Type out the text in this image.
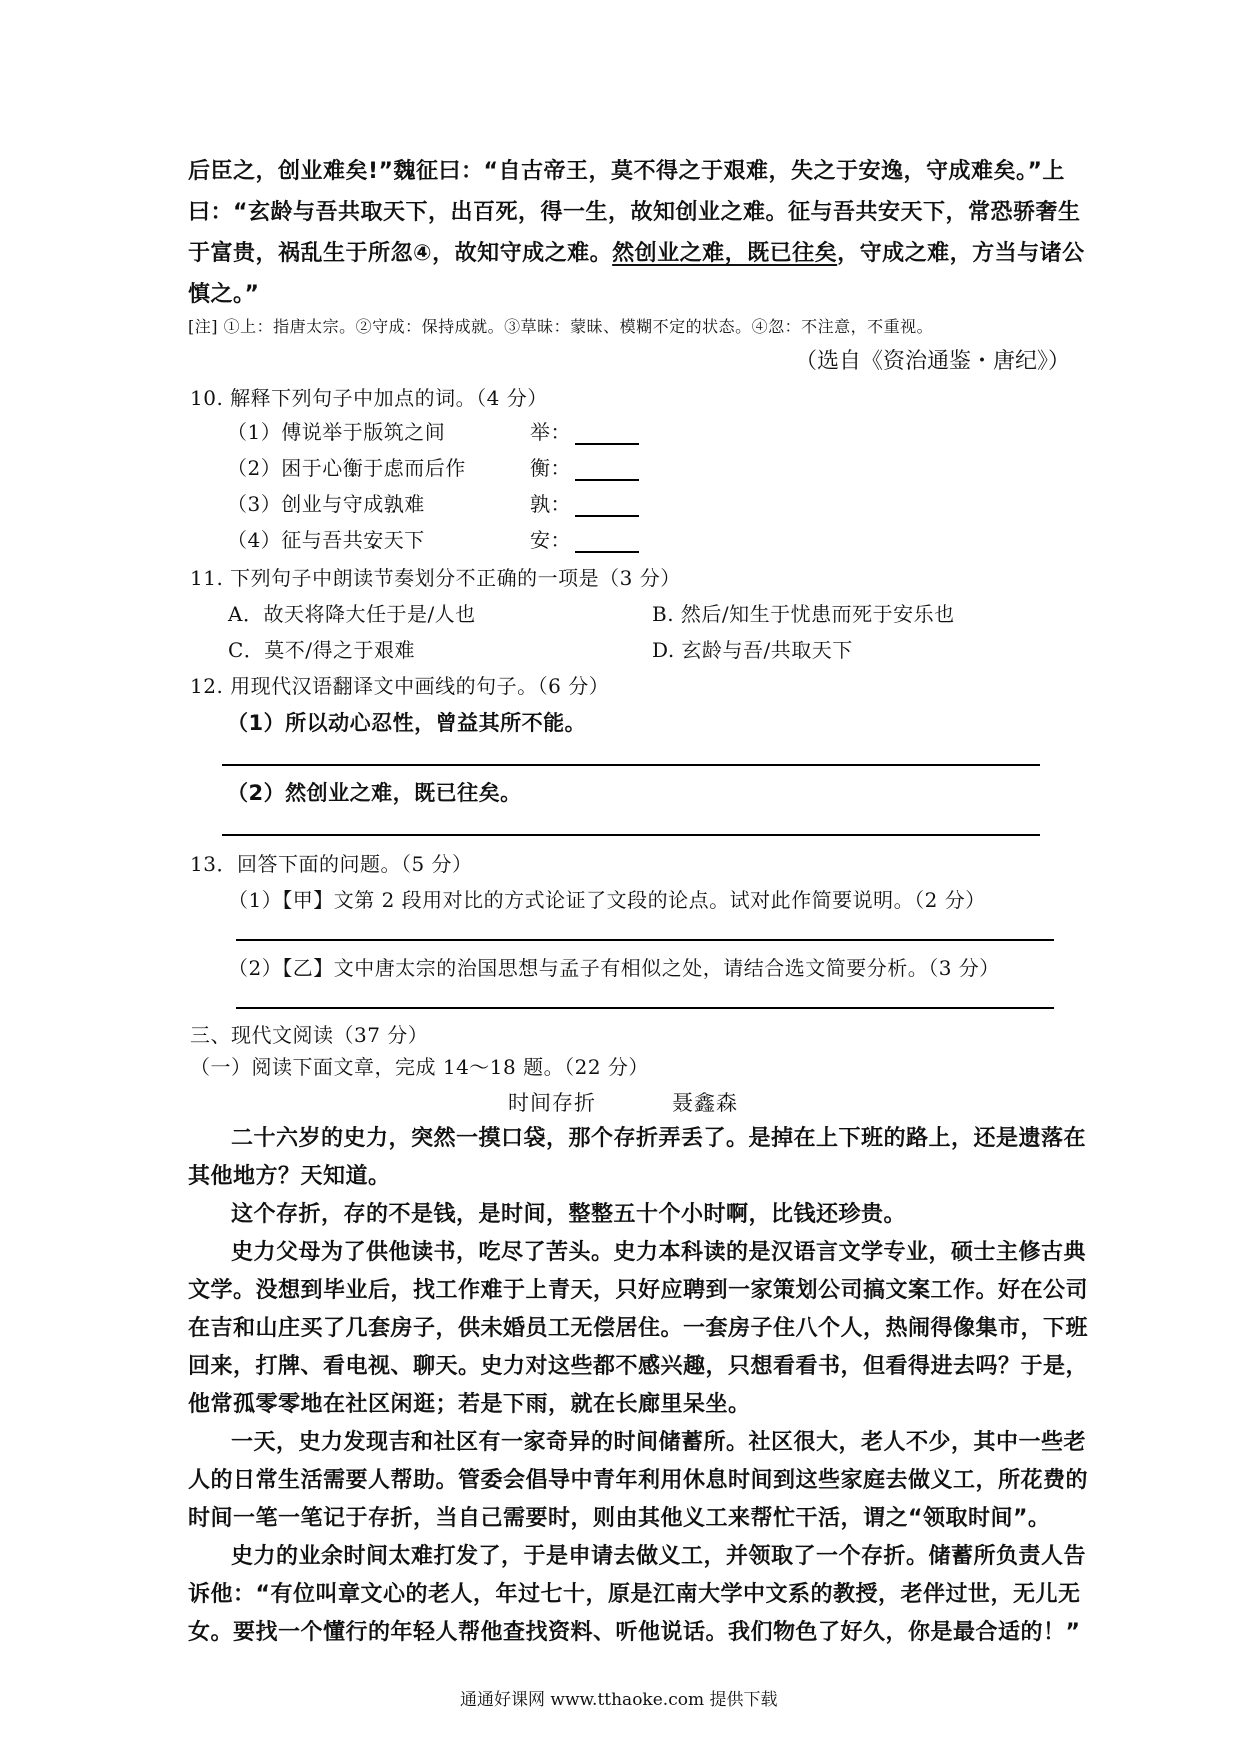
后臣之，创业难矣!”魏征曰：“自古帝王，莫不得之于艰难，失之于安逸，守成难矣。”上
曰：“玄龄与吾共取天下，出百死，得一生，故知创业之难。征与吾共安天下，常恐骄奢生
于富贵，祸乱生于所忽④，故知守成之难。然创业之难，既已往矣，守成之难，方当与诸公
慎之。”
[注] ①上：指唐太宗。②守成：保持成就。③草昧：蒙昧、模糊不定的状态。④忽：不注意，不重视。
（选自《资治通鉴・唐纪》）
10. 解释下列句子中加点的词。（4 分）
（1）傅说举于版筑之间	举：
（2）困于心衡于虑而后作	衡：
（3）创业与守成孰难	孰：
（4）征与吾共安天下	安：
11. 下列句子中朗读节奏划分不正确的一项是（3 分）
A．故天将降大任于是/人也	B. 然后/知生于忧患而死于安乐也
C．莫不/得之于艰难	D. 玄龄与吾/共取天下
12. 用现代汉语翻译文中画线的句子。（6 分）
（1）所以动心忍性，曾益其所不能。
（2）然创业之难，既已往矣。
13．回答下面的问题。（5 分）
（1）【甲】文第 2 段用对比的方式论证了文段的论点。试对此作简要说明。（2 分）
（2）【乙】文中唐太宗的治国思想与孟子有相似之处，请结合选文简要分析。（3 分）
三、现代文阅读（37 分）
（一）阅读下面文章，完成 14～18 题。（22 分）
时间存折	聂鑫森
二十六岁的史力，突然一摸口袋，那个存折弄丢了。是掉在上下班的路上，还是遗落在
其他地方？天知道。
这个存折，存的不是钱，是时间，整整五十个小时啊，比钱还珍贵。
史力父母为了供他读书，吃尽了苦头。史力本科读的是汉语言文学专业，硕士主修古典
文学。没想到毕业后，找工作难于上青天，只好应聘到一家策划公司搞文案工作。好在公司
在吉和山庄买了几套房子，供未婚员工无偿居住。一套房子住八个人，热闹得像集市，下班
回来，打牌、看电视、聊天。史力对这些都不感兴趣，只想看看书，但看得进去吗？于是，
他常孤零零地在社区闲逛；若是下雨，就在长廊里呆坐。
一天，史力发现吉和社区有一家奇异的时间储蓄所。社区很大，老人不少，其中一些老
人的日常生活需要人帮助。管委会倡导中青年利用休息时间到这些家庭去做义工，所花费的
时间一笔一笔记于存折，当自己需要时，则由其他义工来帮忙干活，谓之“领取时间”。
史力的业余时间太难打发了，于是申请去做义工，并领取了一个存折。储蓄所负责人告
诉他：“有位叫章文心的老人，年过七十，原是江南大学中文系的教授，老伴过世，无儿无
女。要找一个懂行的年轻人帮他查找资料、听他说话。我们物色了好久，你是最合适的！”
通通好课网 www.tthaoke.com 提供下载
